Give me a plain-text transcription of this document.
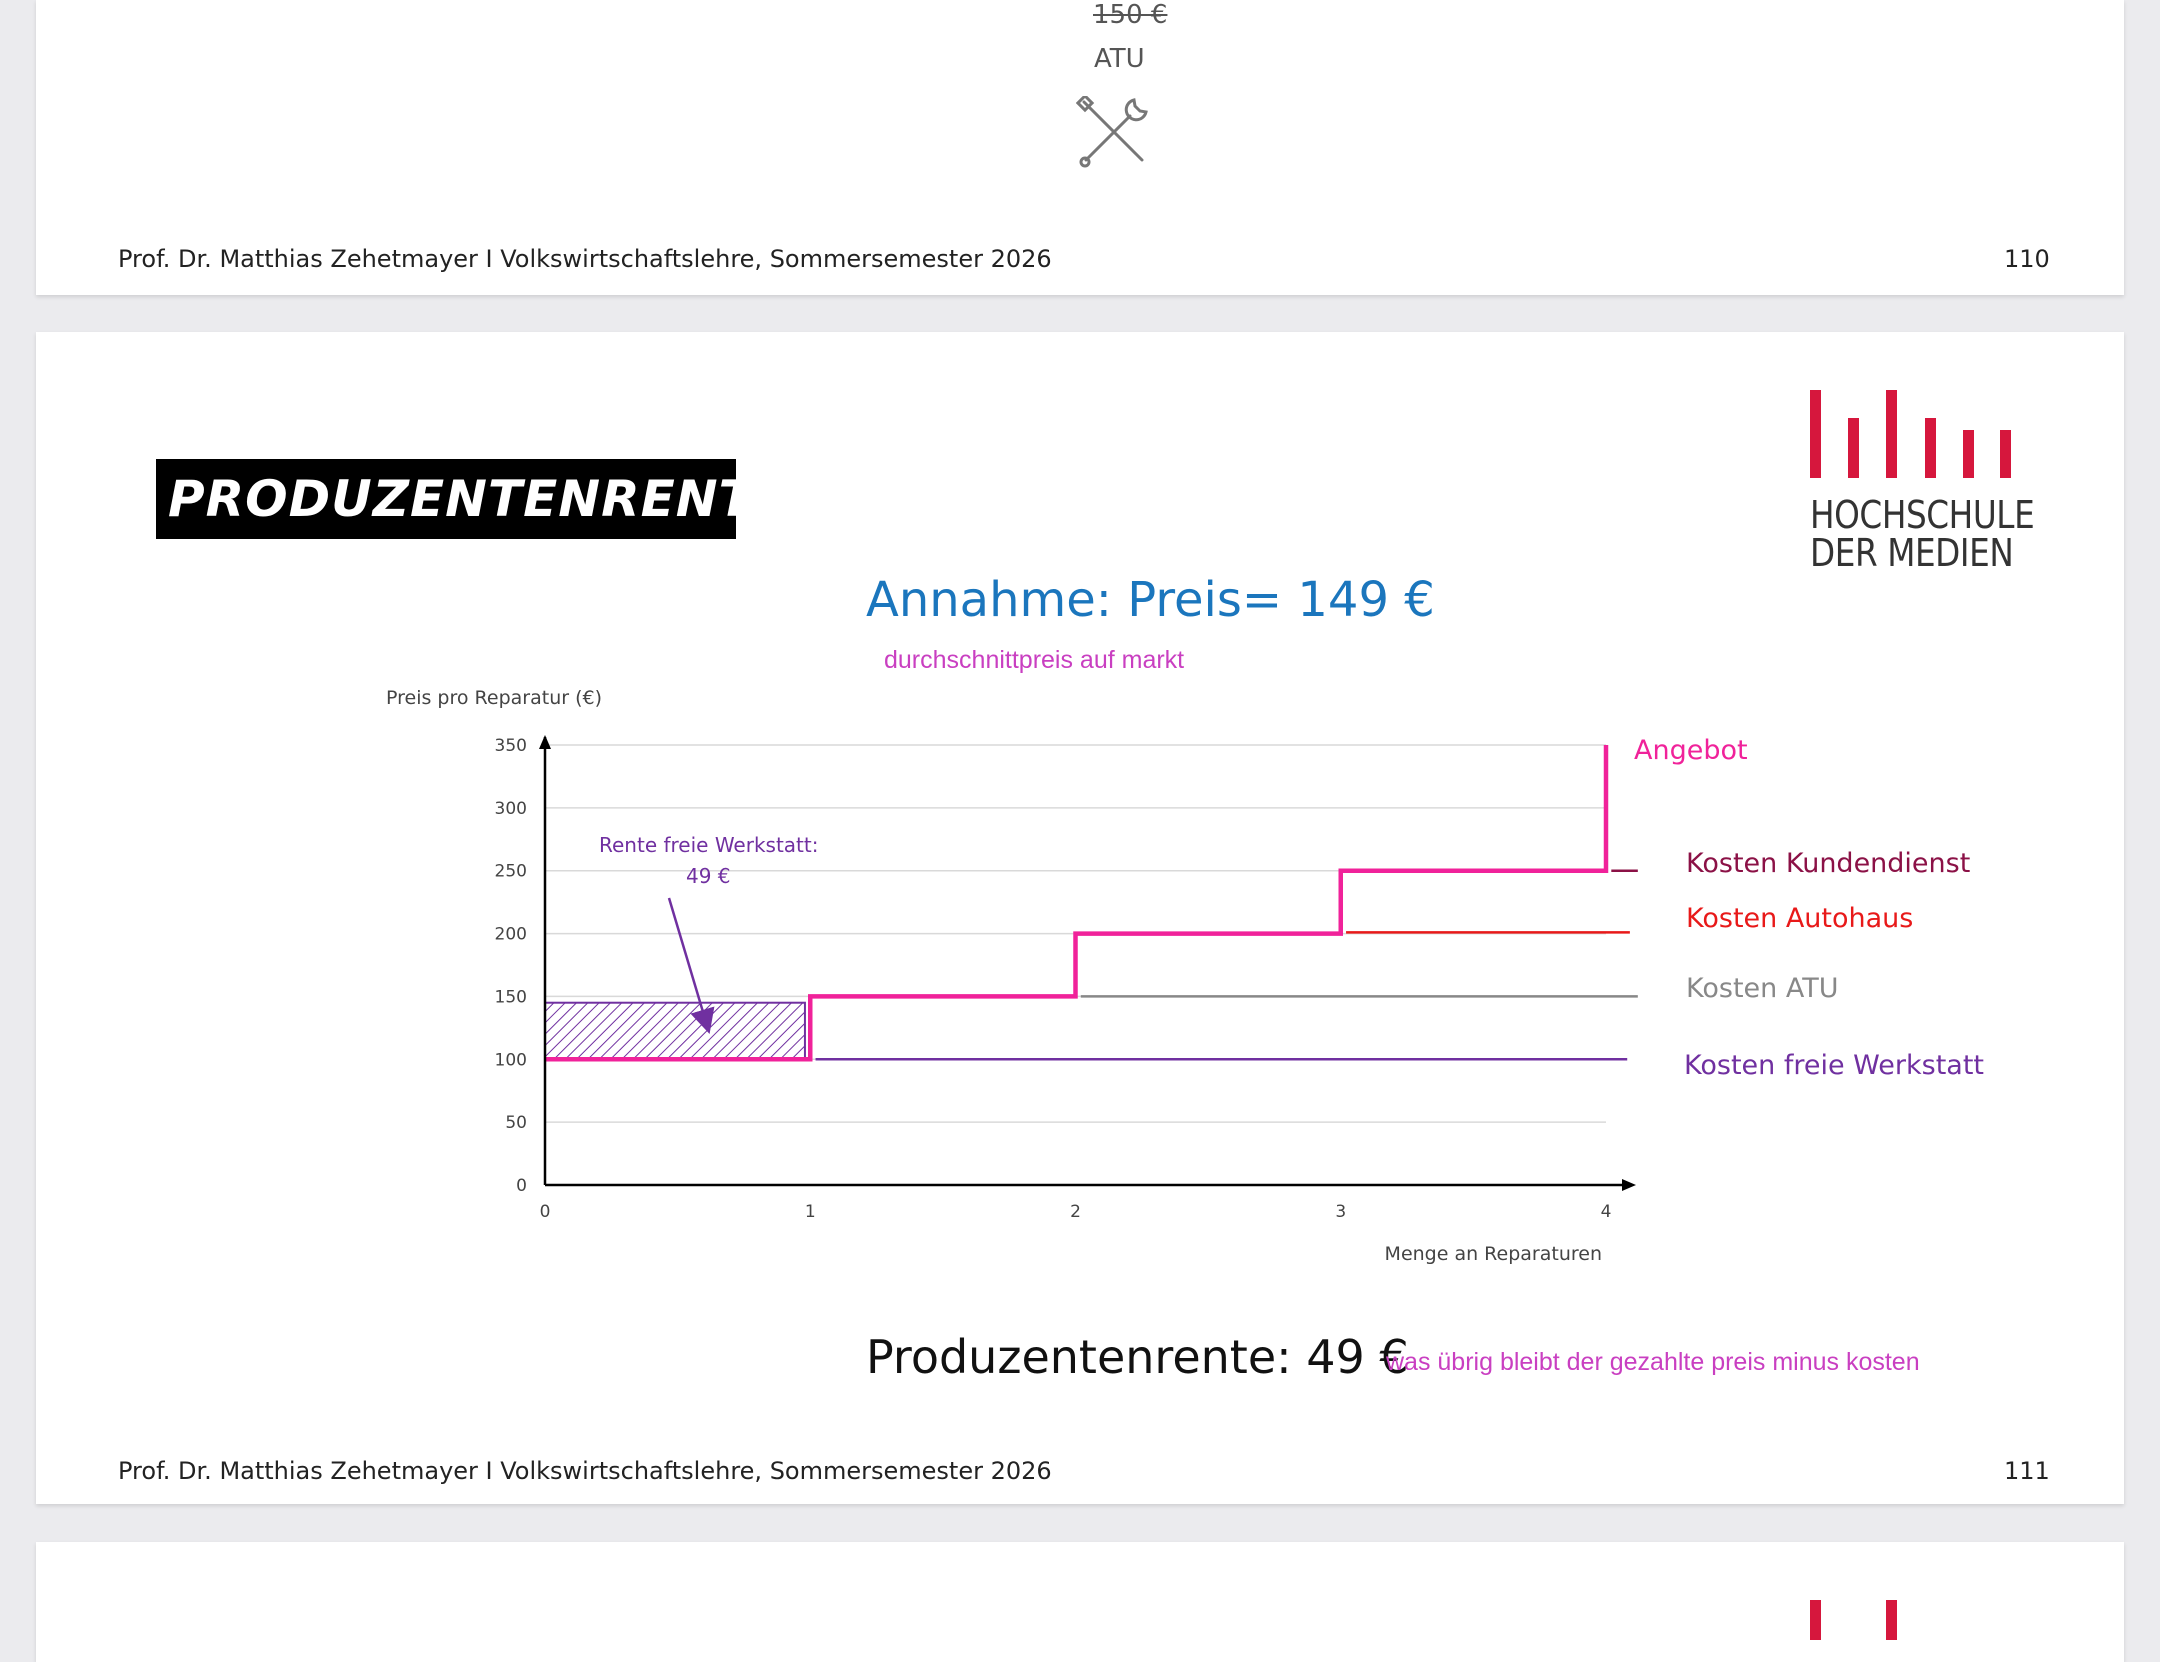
150 €
ATU
Prof. Dr. Matthias Zehetmayer I Volkswirtschaftslehre, Sommersemester 2026	110
PRODUZENTENRENTE	HOCHSCHULE
DER MEDIEN
Annahme: Preis= 149 €
durchschnittpreis auf markt
0
50
100
150
200
250
300
350
0	1	2	3	4
Preis pro Reparatur (€)
Menge an Reparaturen
Angebot
Kosten Kundendienst
Kosten Autohaus
Kosten ATU
Kosten freie Werkstatt
Rente freie Werkstatt:
49 €
Produzentenrente: 49 €
was übrig bleibt der gezahlte preis minus kosten
Prof. Dr. Matthias Zehetmayer I Volkswirtschaftslehre, Sommersemester 2026	111
